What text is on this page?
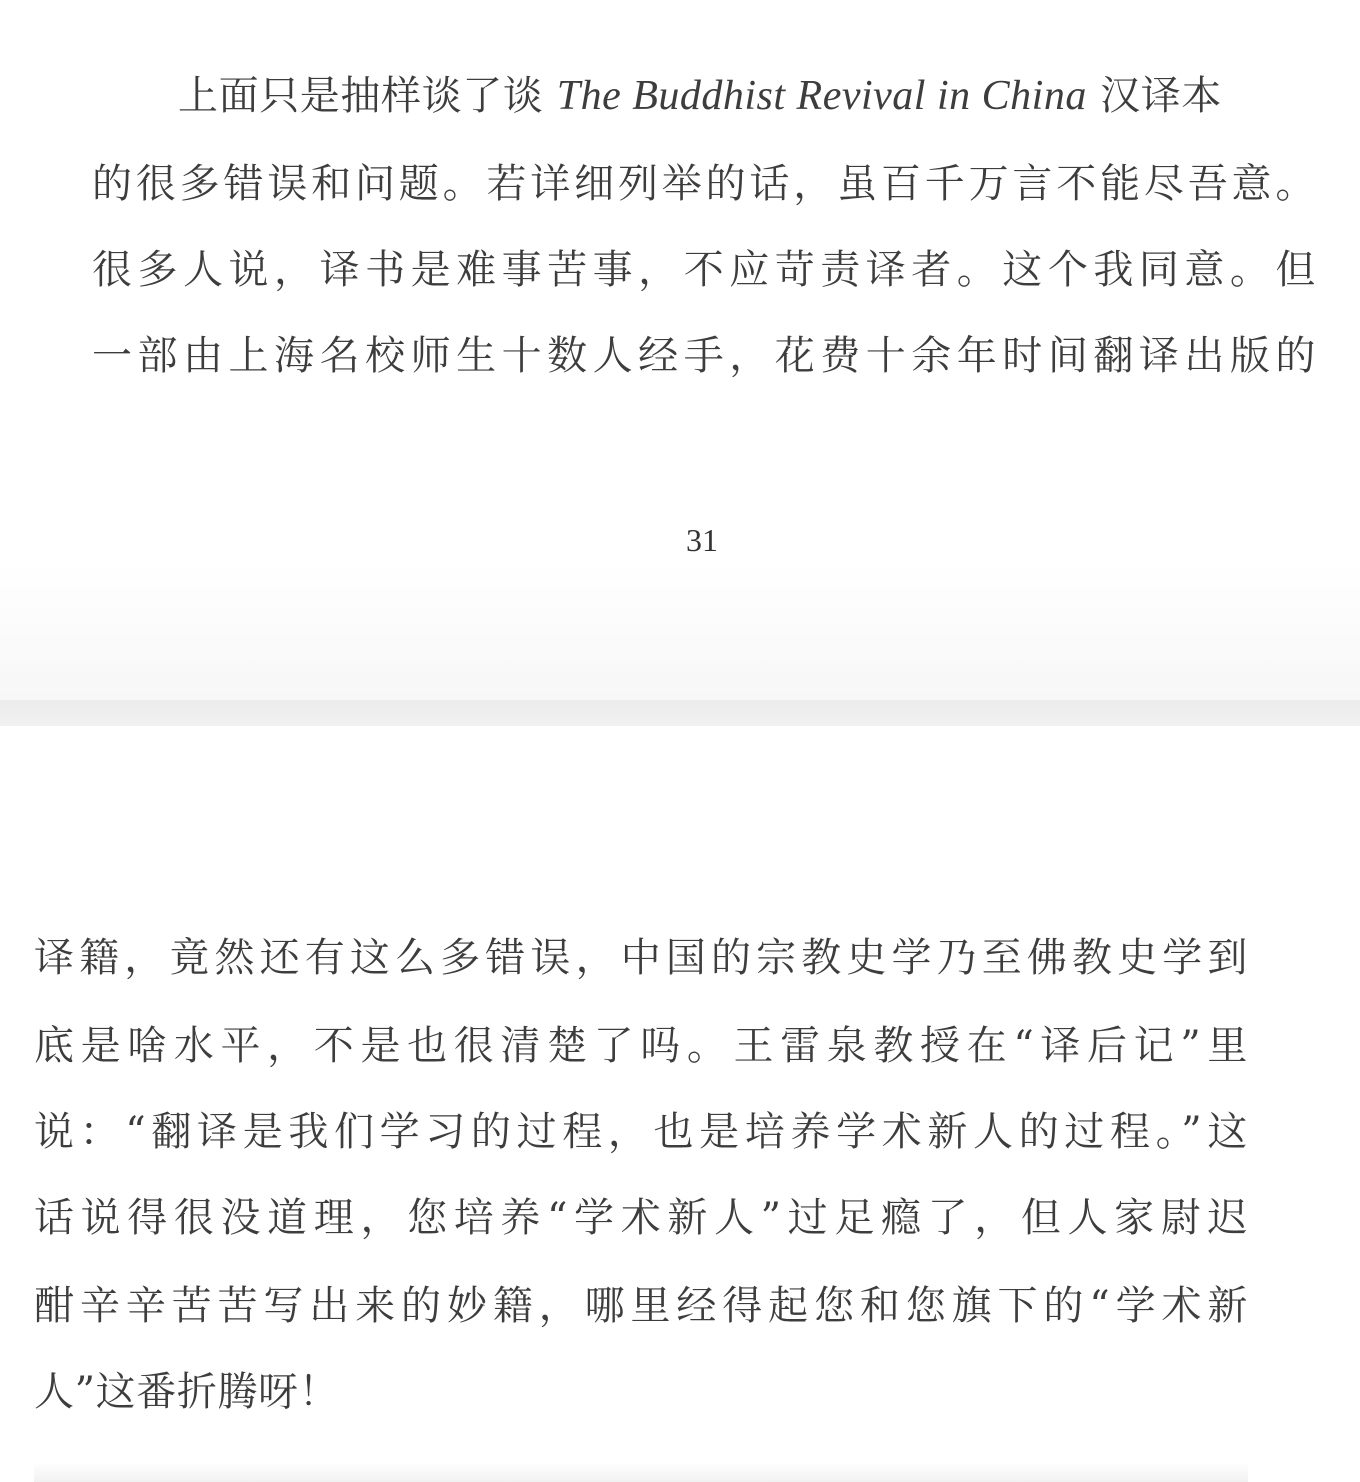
上面只是抽样谈了谈 The Buddhist Revival in China 汉译本
的很多错误和问题。若详细列举的话，虽百千万言不能尽吾意。
很多人说，译书是难事苦事，不应苛责译者。这个我同意。但
一部由上海名校师生十数人经手，花费十余年时间翻译出版的
31
译籍，竟然还有这么多错误，中国的宗教史学乃至佛教史学到
底是啥水平，不是也很清楚了吗。王雷泉教授在“译后记”里
说：“翻译是我们学习的过程，也是培养学术新人的过程。”这
话说得很没道理，您培养“学术新人”过足瘾了，但人家尉迟
酣辛辛苦苦写出来的妙籍，哪里经得起您和您旗下的“学术新
人”这番折腾呀！
